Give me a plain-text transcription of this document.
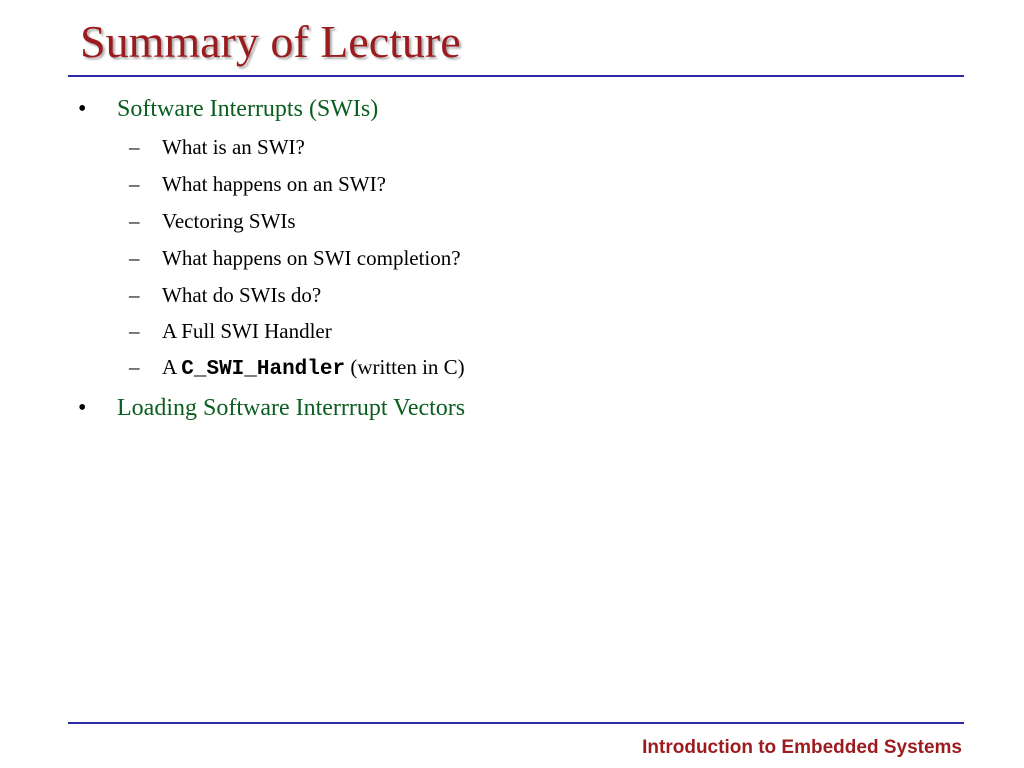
Summary of Lecture
• Software Interrupts (SWIs)
– What is an SWI?
– What happens on an SWI?
– Vectoring SWIs
– What happens on SWI completion?
– What do SWIs do?
– A Full SWI Handler
– A C_SWI_Handler (written in C)
• Loading Software Interrrupt Vectors
Introduction to Embedded Systems
